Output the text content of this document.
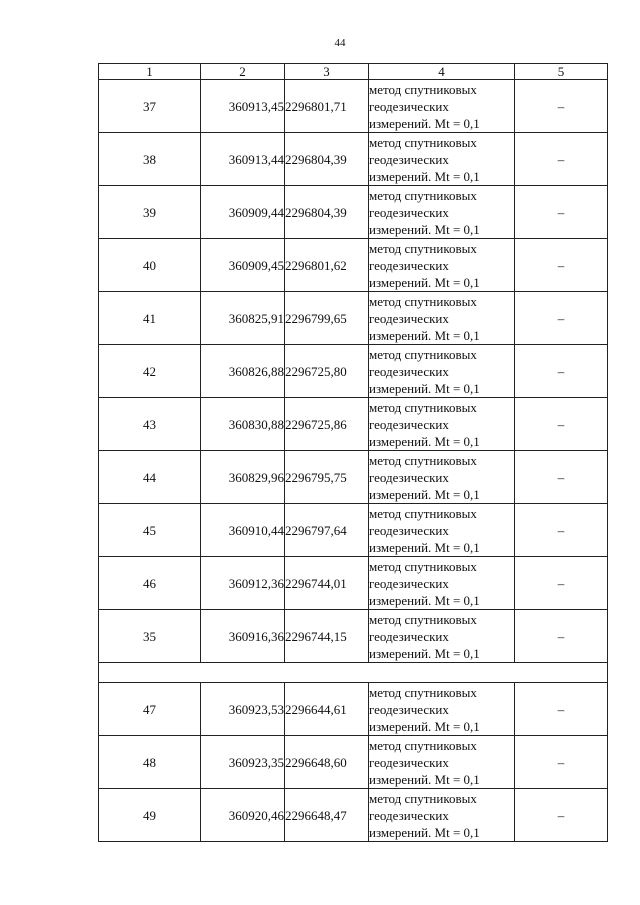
44
1	2	3	4	5
37	360913,45	2296801,71	метод спутниковых
геодезических
измерений. Mt = 0,1	–
38	360913,44	2296804,39	метод спутниковых
геодезических
измерений. Mt = 0,1	–
39	360909,44	2296804,39	метод спутниковых
геодезических
измерений. Mt = 0,1	–
40	360909,45	2296801,62	метод спутниковых
геодезических
измерений. Mt = 0,1	–
41	360825,91	2296799,65	метод спутниковых
геодезических
измерений. Mt = 0,1	–
42	360826,88	2296725,80	метод спутниковых
геодезических
измерений. Mt = 0,1	–
43	360830,88	2296725,86	метод спутниковых
геодезических
измерений. Mt = 0,1	–
44	360829,96	2296795,75	метод спутниковых
геодезических
измерений. Mt = 0,1	–
45	360910,44	2296797,64	метод спутниковых
геодезических
измерений. Mt = 0,1	–
46	360912,36	2296744,01	метод спутниковых
геодезических
измерений. Mt = 0,1	–
35	360916,36	2296744,15	метод спутниковых
геодезических
измерений. Mt = 0,1	–

47	360923,53	2296644,61	метод спутниковых
геодезических
измерений. Mt = 0,1	–
48	360923,35	2296648,60	метод спутниковых
геодезических
измерений. Mt = 0,1	–
49	360920,46	2296648,47	метод спутниковых
геодезических
измерений. Mt = 0,1	–
